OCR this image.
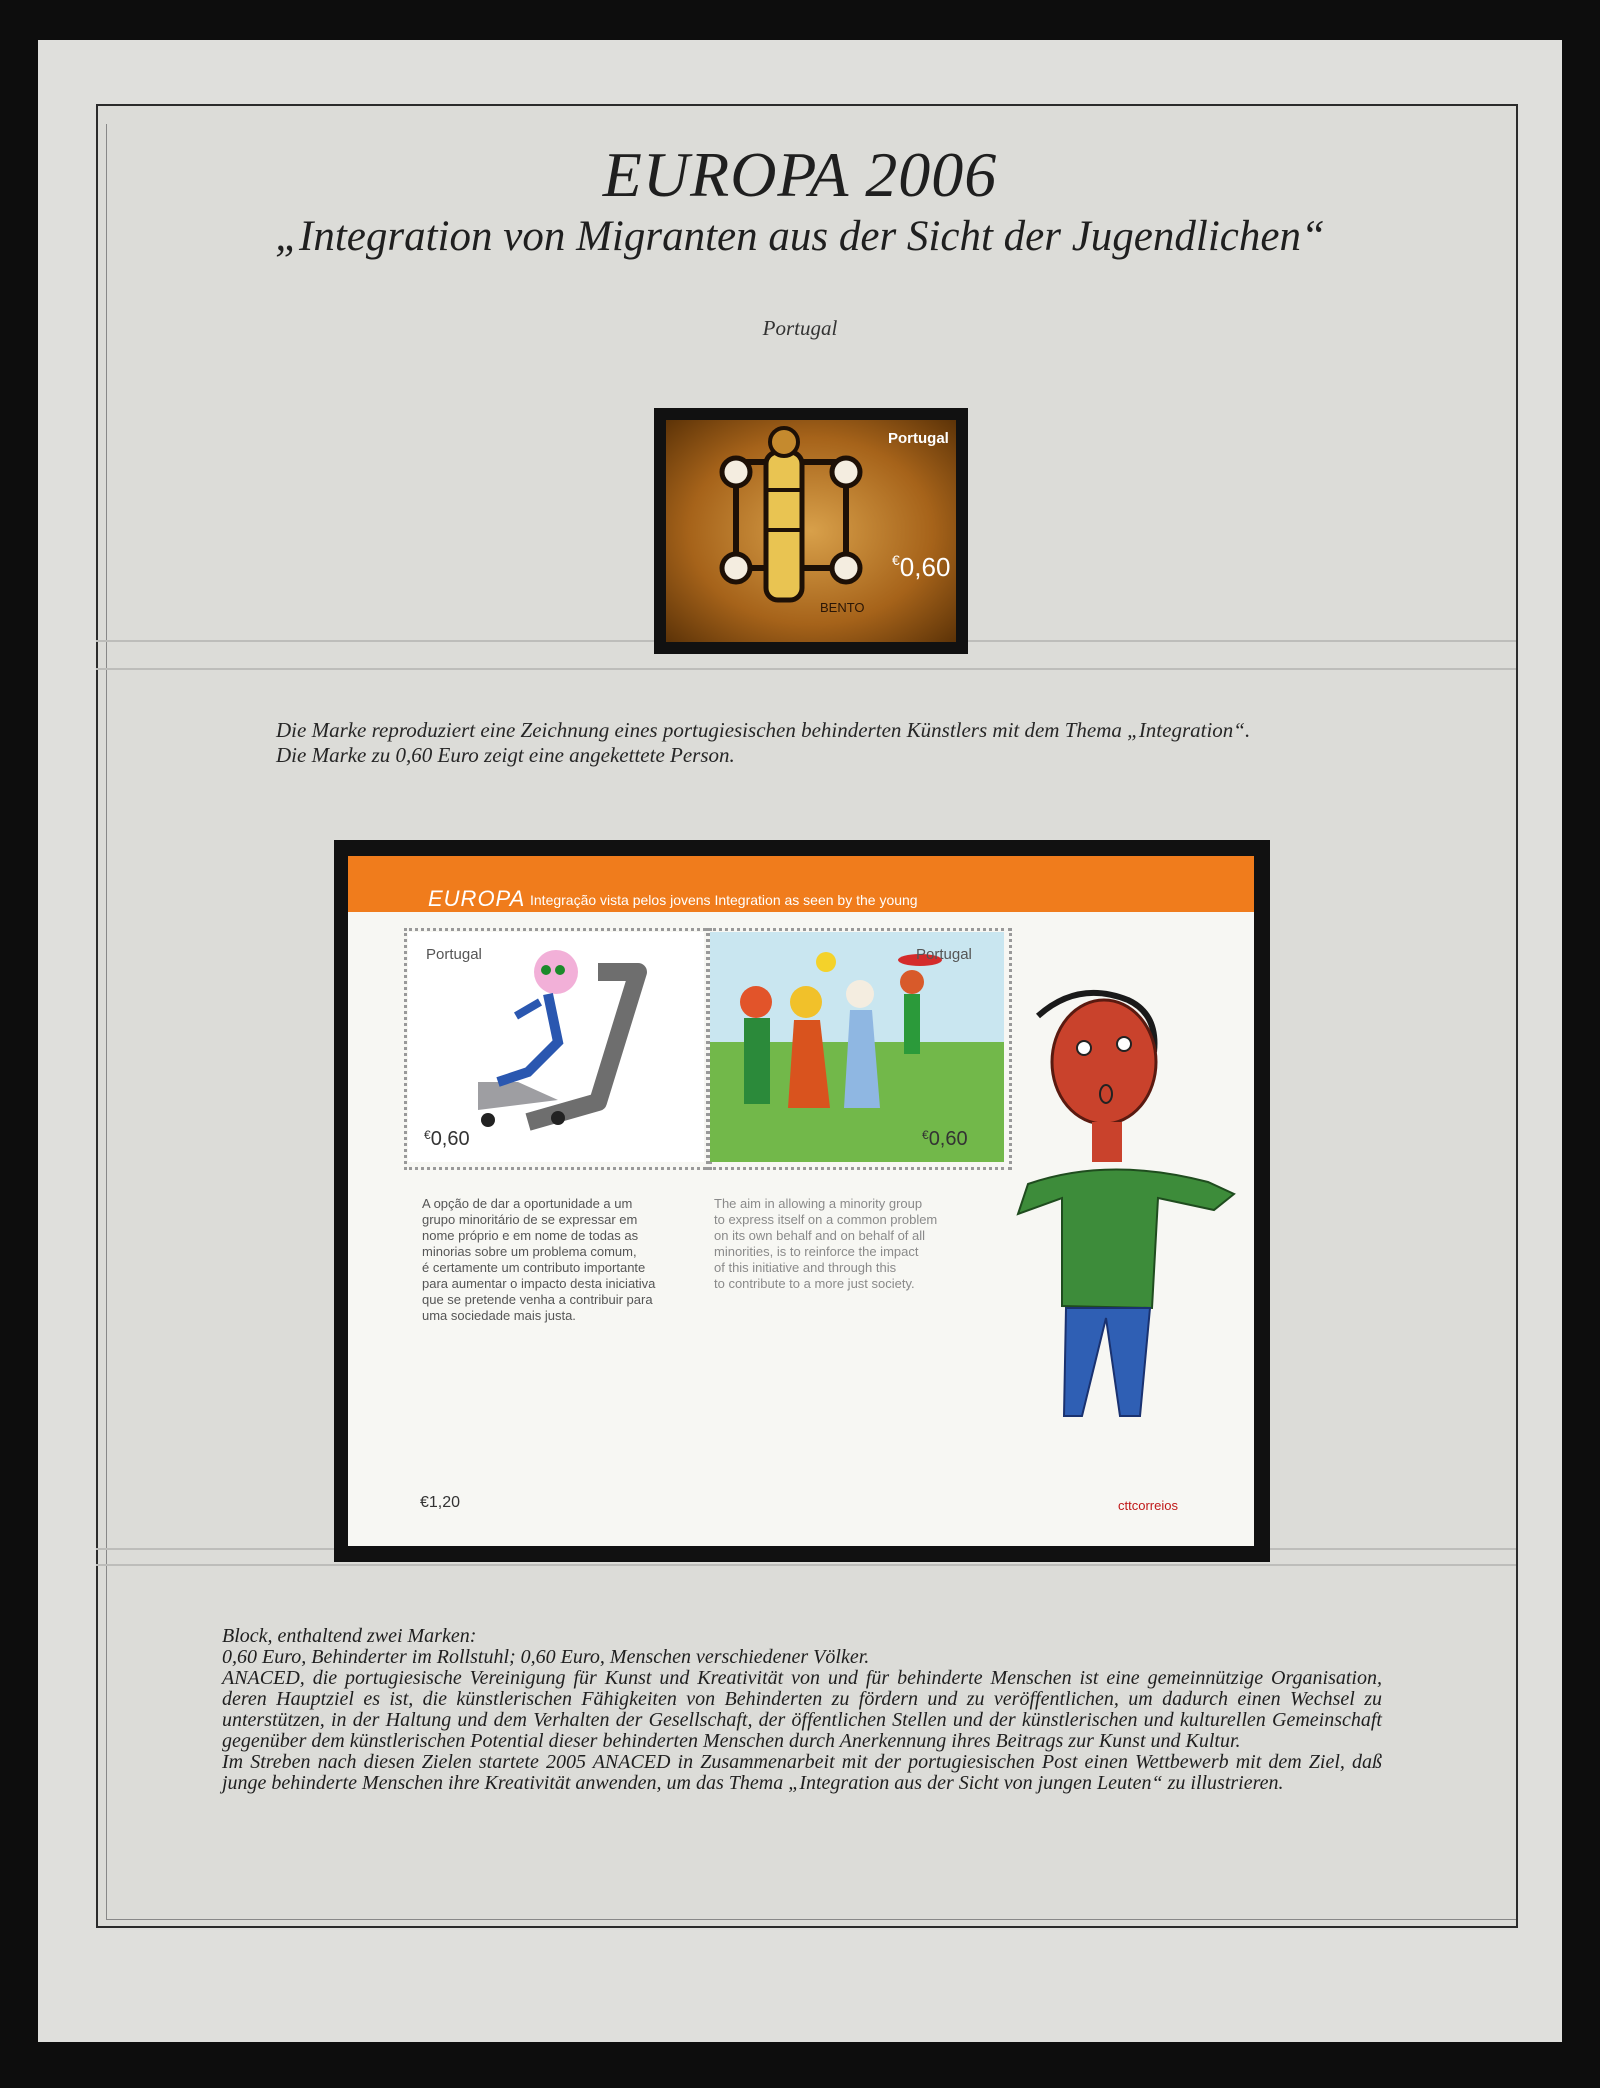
EUROPA 2006
„Integration von Migranten aus der Sicht der Jugendlichen“
Portugal
Portugal
€0,60
BENTO
Die Marke reproduziert eine Zeichnung eines portugiesischen behinderten Künstlers mit dem Thema „Integration“.
Die Marke zu 0,60 Euro zeigt eine angekettete Person.
EUROPA Integração vista pelos jovens Integration as seen by the young
Portugal
€0,60
Portugal
€0,60
A opção de dar a oportunidade a um
grupo minoritário de se expressar em
nome próprio e em nome de todas as
minorias sobre um problema comum,
é certamente um contributo importante
para aumentar o impacto desta iniciativa
que se pretende venha a contribuir para
uma sociedade mais justa.
The aim in allowing a minority group
to express itself on a common problem
on its own behalf and on behalf of all
minorities, is to reinforce the impact
of this initiative and through this
to contribute to a more just society.
€1,20	cttcorreios
Block, enthaltend zwei Marken:
0,60 Euro, Behinderter im Rollstuhl; 0,60 Euro, Menschen verschiedener Völker.
ANACED, die portugiesische Vereinigung für Kunst und Kreativität von und für behinderte Menschen ist eine gemeinnützige Organisation, deren Hauptziel es ist, die künstlerischen Fähigkeiten von Behinderten zu fördern und zu veröffentlichen, um dadurch einen Wechsel zu unterstützen, in der Haltung und dem Verhalten der Gesellschaft, der öffentlichen Stellen und der künstlerischen und kulturellen Gemeinschaft gegenüber dem künstlerischen Potential dieser behinderten Menschen durch Anerkennung ihres Beitrags zur Kunst und Kultur.
Im Streben nach diesen Zielen startete 2005 ANACED in Zusammenarbeit mit der portugiesischen Post einen Wettbewerb mit dem Ziel, daß junge behinderte Menschen ihre Kreativität anwenden, um das Thema „Integration aus der Sicht von jungen Leuten“ zu illustrieren.
